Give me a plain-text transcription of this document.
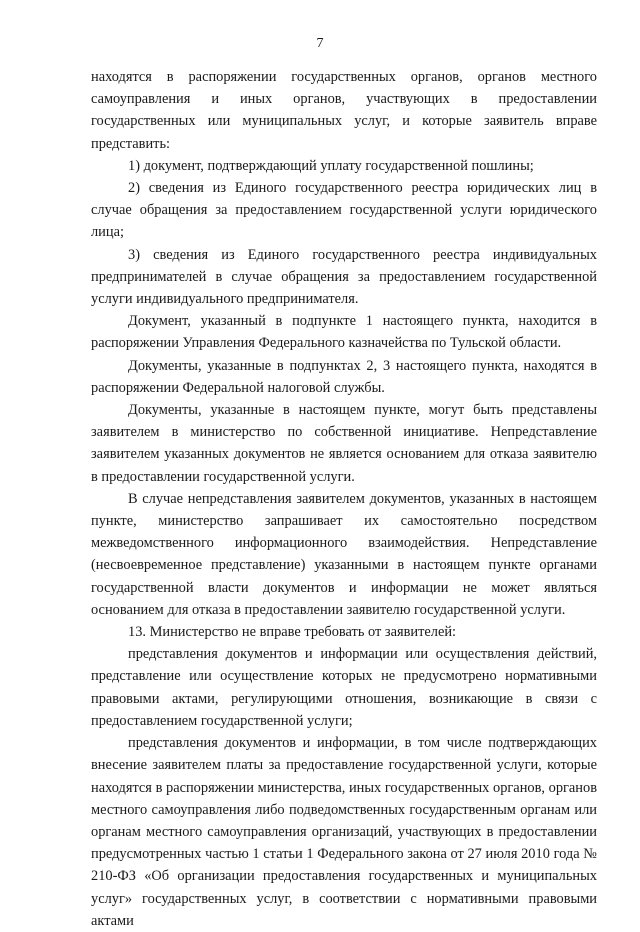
7

находятся в распоряжении государственных органов, органов местного самоуправления и иных органов, участвующих в предоставлении государственных или муниципальных услуг, и которые заявитель вправе представить:

1) документ, подтверждающий уплату государственной пошлины;

2) сведения из Единого государственного реестра юридических лиц в случае обращения за предоставлением государственной услуги юридического лица;

3) сведения из Единого государственного реестра индивидуальных предпринимателей в случае обращения за предоставлением государственной услуги индивидуального предпринимателя.

Документ, указанный в подпункте 1 настоящего пункта, находится в распоряжении Управления Федерального казначейства по Тульской области.

Документы, указанные в подпунктах 2, 3 настоящего пункта, находятся в распоряжении Федеральной налоговой службы.

Документы, указанные в настоящем пункте, могут быть представлены заявителем в министерство по собственной инициативе. Непредставление заявителем указанных документов не является основанием для отказа заявителю в предоставлении государственной услуги.

В случае непредставления заявителем документов, указанных в настоящем пункте, министерство запрашивает их самостоятельно посредством межведомственного информационного взаимодействия. Непредставление (несвоевременное представление) указанными в настоящем пункте органами государственной власти документов и информации не может являться основанием для отказа в предоставлении заявителю государственной услуги.

13. Министерство не вправе требовать от заявителей:

представления документов и информации или осуществления действий, представление или осуществление которых не предусмотрено нормативными правовыми актами, регулирующими отношения, возникающие в связи с предоставлением государственной услуги;

представления документов и информации, в том числе подтверждающих внесение заявителем платы за предоставление государственной услуги, которые находятся в распоряжении министерства, иных государственных органов, органов местного самоуправления либо подведомственных государственным органам или органам местного самоуправления организаций, участвующих в предоставлении предусмотренных частью 1 статьи 1 Федерального закона от 27 июля 2010 года № 210-ФЗ «Об организации предоставления государственных и муниципальных услуг» государственных услуг, в соответствии с нормативными правовыми актами
